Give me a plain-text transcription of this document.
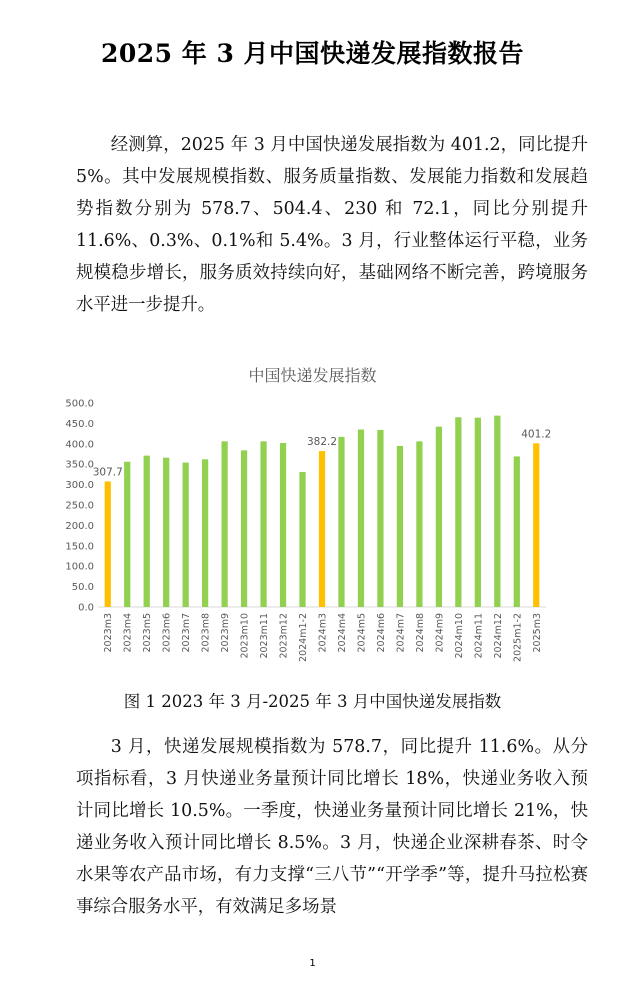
2025 年 3 月中国快递发展指数报告

经测算，2025 年 3 月中国快递发展指数为 401.2，同比提升 5%。其中发展规模指数、服务质量指数、发展能力指数和发展趋势指数分别为 578.7、504.4、230 和 72.1，同比分别提升 11.6%、0.3%、0.1%和 5.4%。3 月，行业整体运行平稳，业务规模稳步增长，服务质效持续向好，基础网络不断完善，跨境服务水平进一步提升。

中国快递发展指数
0.0
50.0
100.0
150.0
200.0
250.0
300.0
350.0
400.0
450.0
500.0
2023m3 2023m4 2023m5 2023m6 2023m7 2023m8 2023m9 2023m10 2023m11 2023m12 2024m1-2 2024m3 2024m4 2024m5 2024m6 2024m7 2024m8 2024m9 2024m10 2024m11 2024m12 2025m1-2 2025m3
307.7
382.2
401.2
图 1 2023 年 3 月-2025 年 3 月中国快递发展指数

3 月，快递发展规模指数为 578.7，同比提升 11.6%。从分项指标看，3 月快递业务量预计同比增长 18%，快递业务收入预计同比增长 10.5%。一季度，快递业务量预计同比增长 21%，快递业务收入预计同比增长 8.5%。3 月，快递企业深耕春茶、时令水果等农产品市场，有力支撑“三八节”“开学季”等，提升马拉松赛事综合服务水平，有效满足多场景

1
